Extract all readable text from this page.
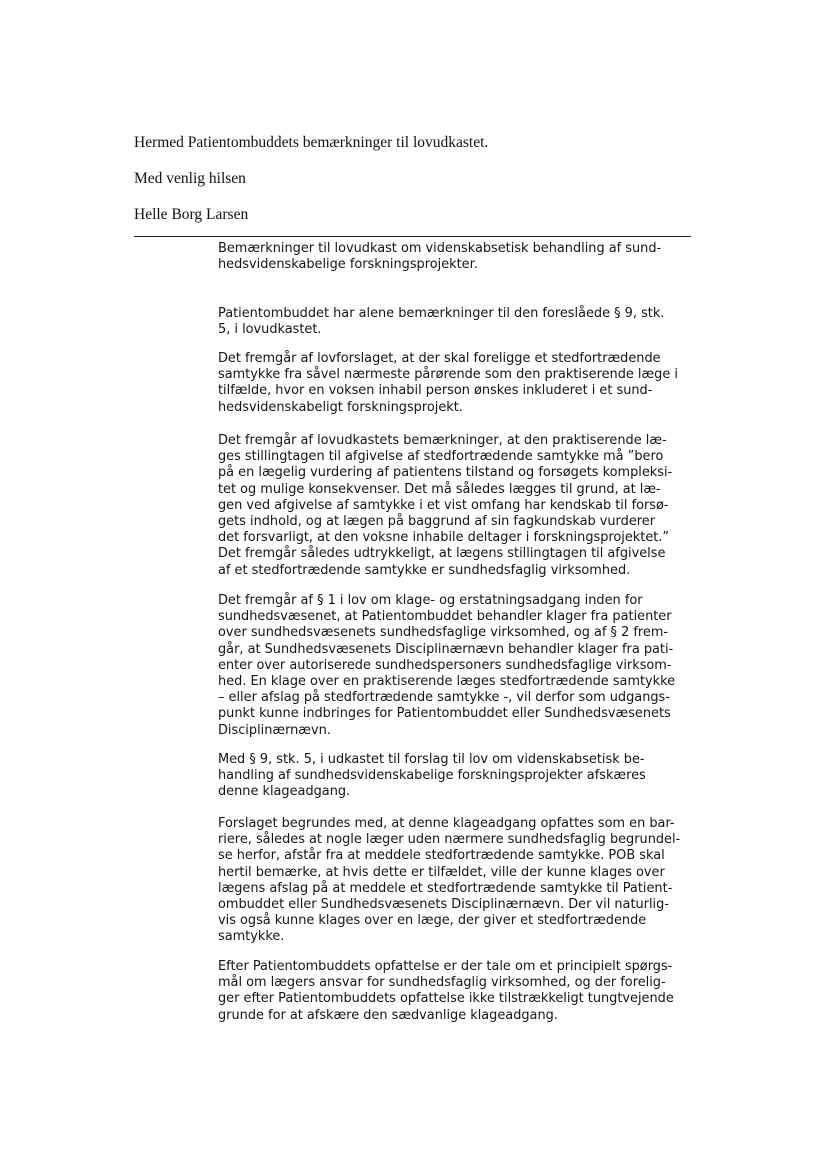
Hermed Patientombuddets bemærkninger til lovudkastet.

Med venlig hilsen

Helle Borg Larsen

Bemærkninger til lovudkast om videnskabsetisk behandling af sund-
hedsvidenskabelige forskningsprojekter.
Patientombuddet har alene bemærkninger til den foreslåede § 9, stk.
5, i lovudkastet.
Det fremgår af lovforslaget, at der skal foreligge et stedfortrædende
samtykke fra såvel nærmeste pårørende som den praktiserende læge i
tilfælde, hvor en voksen inhabil person ønskes inkluderet i et sund-
hedsvidenskabeligt forskningsprojekt.
Det fremgår af lovudkastets bemærkninger, at den praktiserende læ-
ges stillingtagen til afgivelse af stedfortrædende samtykke må ”bero
på en lægelig vurdering af patientens tilstand og forsøgets kompleksi-
tet og mulige konsekvenser. Det må således lægges til grund, at læ-
gen ved afgivelse af samtykke i et vist omfang har kendskab til forsø-
gets indhold, og at lægen på baggrund af sin fagkundskab vurderer
det forsvarligt, at den voksne inhabile deltager i forskningsprojektet.”
Det fremgår således udtrykkeligt, at lægens stillingtagen til afgivelse
af et stedfortrædende samtykke er sundhedsfaglig virksomhed.
Det fremgår af § 1 i lov om klage- og erstatningsadgang inden for
sundhedsvæsenet, at Patientombuddet behandler klager fra patienter
over sundhedsvæsenets sundhedsfaglige virksomhed, og af § 2 frem-
går, at Sundhedsvæsenets Disciplinærnævn behandler klager fra pati-
enter over autoriserede sundhedspersoners sundhedsfaglige virksom-
hed. En klage over en praktiserende læges stedfortrædende samtykke
– eller afslag på stedfortrædende samtykke -, vil derfor som udgangs-
punkt kunne indbringes for Patientombuddet eller Sundhedsvæsenets
Disciplinærnævn.
Med § 9, stk. 5, i udkastet til forslag til lov om videnskabsetisk be-
handling af sundhedsvidenskabelige forskningsprojekter afskæres
denne klageadgang.
Forslaget begrundes med, at denne klageadgang opfattes som en bar-
riere, således at nogle læger uden nærmere sundhedsfaglig begrundel-
se herfor, afstår fra at meddele stedfortrædende samtykke. POB skal
hertil bemærke, at hvis dette er tilfældet, ville der kunne klages over
lægens afslag på at meddele et stedfortrædende samtykke til Patient-
ombuddet eller Sundhedsvæsenets Disciplinærnævn. Der vil naturlig-
vis også kunne klages over en læge, der giver et stedfortrædende
samtykke.
Efter Patientombuddets opfattelse er der tale om et principielt spørgs-
mål om lægers ansvar for sundhedsfaglig virksomhed, og der forelig-
ger efter Patientombuddets opfattelse ikke tilstrækkeligt tungtvejende
grunde for at afskære den sædvanlige klageadgang.
